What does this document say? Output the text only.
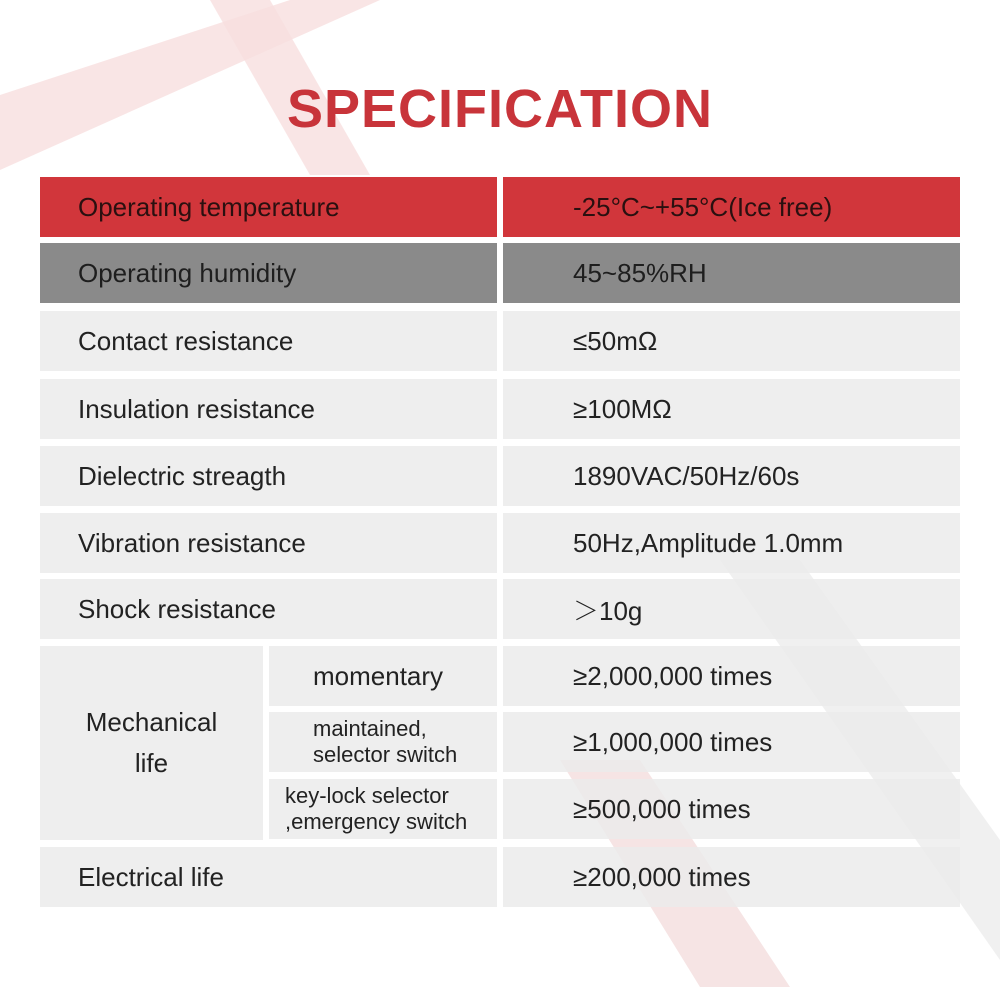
SPECIFICATION
Operating temperature	-25°C~+55°C(Ice free)
Operating humidity	45~85%RH
Contact resistance	≤50mΩ
Insulation resistance	≥100MΩ
Dielectric streagth	1890VAC/50Hz/60s
Vibration resistance	50Hz,Amplitude 1.0mm
Shock resistance	＞10g
Mechanical
life
momentary	≥2,000,000 times
maintained,
selector switch	≥1,000,000 times
key-lock selector
,emergency switch	≥500,000 times
Electrical life	≥200,000 times
